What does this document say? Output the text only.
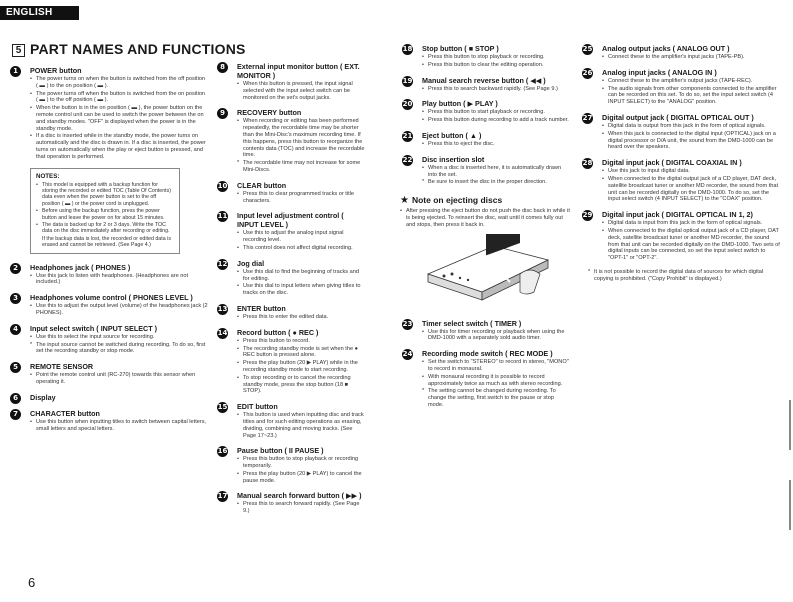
ENGLISH
5 PART NAMES AND FUNCTIONS
1	POWER button
• The power turns on when the button is switched from the off position ( ▬ ) to the on position ( ▬ ).
• The power turns off when the button is switched from the on position ( ▬ ) to the off position ( ▬ ).
• When the button is in the on position ( ▬ ), the power button on the remote control unit can be used to switch the power between the on and standby modes. "OFF" is displayed when the power is in the standby mode.
• If a disc is inserted while in the standby mode, the power turns on automatically and the disc is drawn in. If a disc is inserted, the power turns on automatically when the play or eject button is pressed, and that operation is performed.
NOTES:
• This model is equipped with a backup function for storing the recorded or edited TOC (Table Of Contents) data even when the power button is set to the off position ( ▬ ) or the power cord is unplugged.
• Before using the backup function, press the power button and leave the power on for about 15 minutes.
• The data is backed up for 2 or 3 days. Write the TOC data on the disc immediately after recording or editing.
If the backup data is lost, the recorded or edited data is erased and cannot be retrieved. (See Page 4.)
2	Headphones jack ( PHONES )
• Use this jack to listen with headphones. (Headphones are not included.)
3	Headphones volume control ( PHONES LEVEL )
• Use this to adjust the output level (volume) of the headphones jack (2 PHONES).
4	Input select switch ( INPUT SELECT )
• Use this to select the input source for recording.
* The input source cannot be switched during recording. To do so, first set the recording standby or stop mode.
5	REMOTE SENSOR
• Point the remote control unit (RC-270) towards this sensor when operating it.
6	Display
7	CHARACTER button
• Use this button when inputting titles to switch between capital letters, small letters and special letters.
8	External input monitor button ( EXT. MONITOR )
• When this button is pressed, the input signal selected with the input select switch can be monitored on the set's output jacks.
9	RECOVERY button
• When recording or editing has been performed repeatedly, the recordable time may be shorter than the Mini-Disc's maximum recording time. If this happens, press this button to reorganize the contents data (TOC) and increase the recordable time.
* The recordable time may not increase for some Mini-Discs.
10 CLEAR button
• Press this to clear programmed tracks or title characters.
11 Input level adjustment control ( INPUT LEVEL )
• Use this to adjust the analog input signal recording level.
• This control does not affect digital recording.
12 Jog dial
• Use this dial to find the beginning of tracks and for editing.
• Use this dial to input letters when giving titles to tracks on the disc.
13 ENTER button
• Press this to enter the edited data.
14 Record button ( ● REC )
• Press this button to record.
• The recording standby mode is set when the ● REC button is pressed alone.
• Press the play button (20 ▶ PLAY) while in the recording standby mode to start recording.
• To stop recording or to cancel the recording standby mode, press the stop button (18 ■ STOP).
15 EDIT button
• This button is used when inputting disc and track titles and for such editing operations as erasing, dividing, combining and moving tracks. (See Page 17~23.)
16 Pause button ( II PAUSE )
• Press this button to stop playback or recording temporarily.
• Press the play button (20 ▶ PLAY) to cancel the pause mode.
17 Manual search forward button ( ▶▶ )
• Press this to search forward rapidly. (See Page 9.)
18 Stop button ( ■ STOP )
• Press this button to stop playback or recording.
• Press this button to clear the editing operation.
19 Manual search reverse button ( ◀◀ )
• Press this to search backward rapidly. (See Page 9.)
20 Play button ( ▶ PLAY )
• Press this button to start playback or recording.
• Press this button during recording to add a track number.
21 Eject button ( ▲ )
• Press this to eject the disc.
22 Disc insertion slot
• When a disc is inserted here, it is automatically drawn into the set.
* Be sure to insert the disc in the proper direction.
★ Note on ejecting discs
• After pressing the eject button do not push the disc back in while it is being ejected. To reinsert the disc, wait until it comes fully out and stops, then press it back in.
23 Timer select switch ( TIMER )
• Use this for timer recording or playback when using the DMD-1000 with a separately sold audio timer.
24 Recording mode switch ( REC MODE )
• Set the switch to "STEREO" to record in stereo, "MONO" to record in monaural.
• With monaural recording it is possible to record approximately twice as much as with stereo recording.
* The setting cannot be changed during recording. To change the setting, first switch to the pause or stop mode.
25 Analog output jacks ( ANALOG OUT )
• Connect these to the amplifier's input jacks (TAPE-PB).
26 Analog input jacks ( ANALOG IN )
• Connect these to the amplifier's output jacks (TAPE-REC).
• The audio signals from other components connected to the amplifier can be recorded on this set. To do so, set the input select switch (4 INPUT SELECT) to the "ANALOG" position.
27 Digital output jack ( DIGITAL OPTICAL OUT )
• Digital data is output from this jack in the form of optical signals.
• When this jack is connected to the digital input (OPTICAL) jack on a digital processor or D/A unit, the sound from the DMD-1000 can be heard over the speakers.
28 Digital input jack ( DIGITAL COAXIAL IN )
• Use this jack to input digital data.
• When connected to the digital output jack of a CD player, DAT deck, satellite broadcast tuner or another MD recorder, the sound from that unit can be recorded digitally on the DMD-1000. To do so, set the input select switch (4 INPUT SELECT) to the "COAX" position.
29 Digital input jack ( DIGITAL OPTICAL IN 1, 2)
• Digital data is input from this jack in the form of optical signals.
• When connected to the digital optical output jack of a CD player, DAT deck, satellite broadcast tuner or another MD recorder, the sound from that unit can be recorded digitally on the DMD-1000. Two sets of digital inputs can be connected, so set the input select switch to "OPT-1" or "OPT-2".
* It is not possible to record the digital data of sources for which digital copying is prohibited. ("Copy Prohibit" is displayed.)
6
